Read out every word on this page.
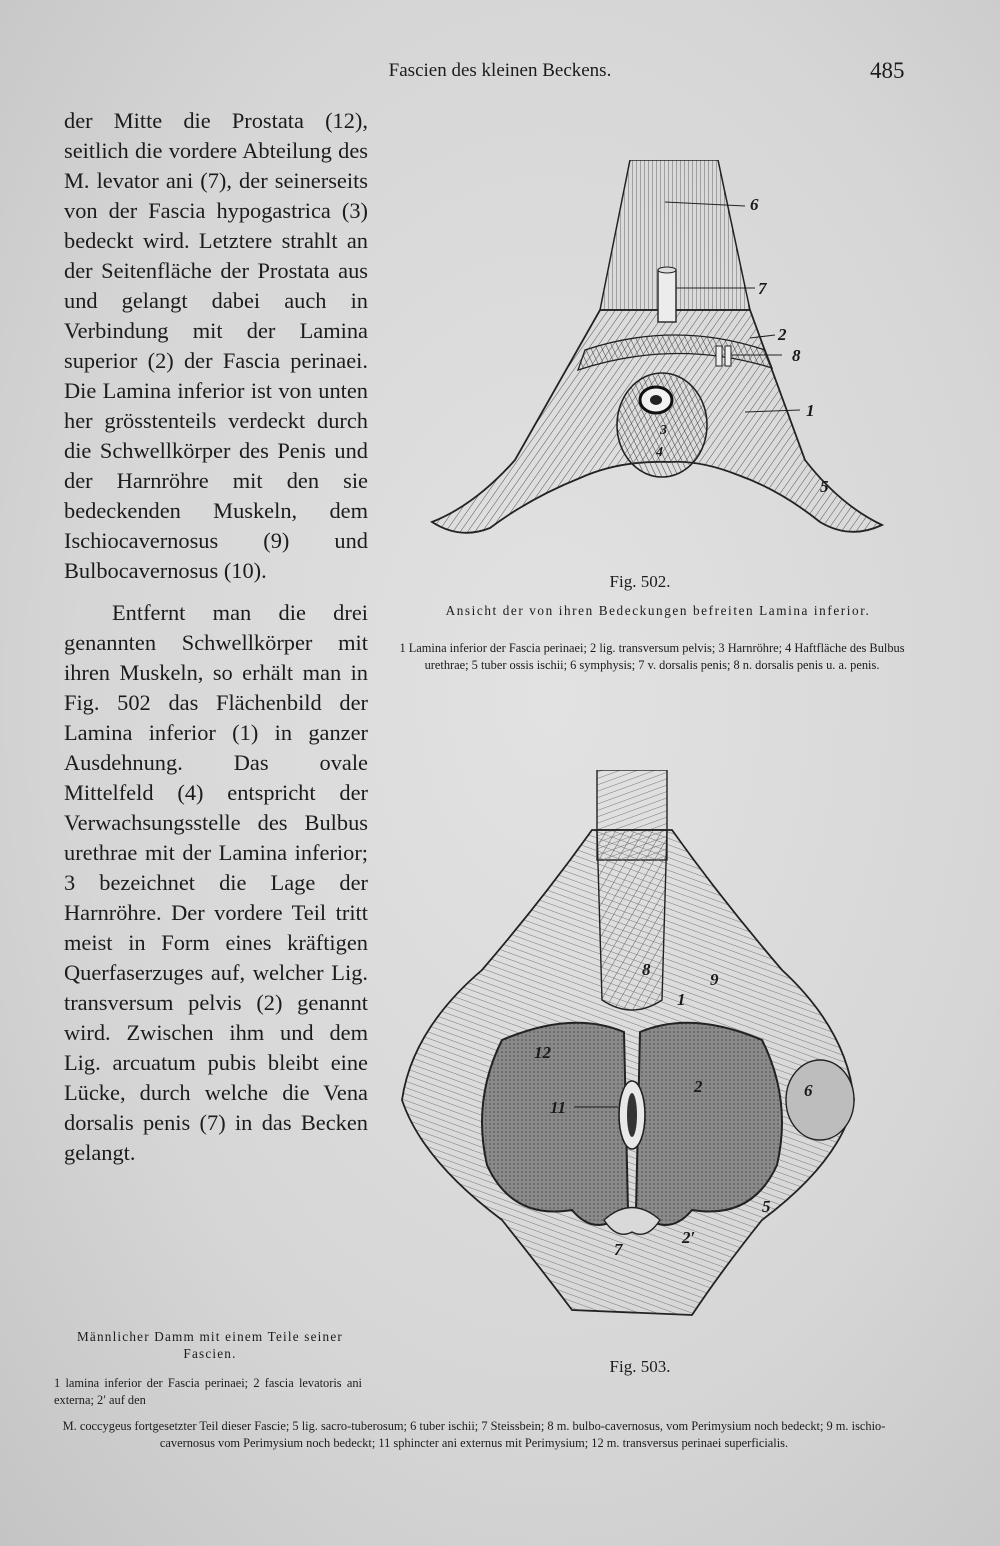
Fascien des kleinen Beckens.	485

der Mitte die Prostata (12), seitlich die vordere Abteilung des M. levator ani (7), der seinerseits von der Fascia hypogastrica (3) bedeckt wird. Letztere strahlt an der Seitenfläche der Prostata aus und gelangt dabei auch in Verbindung mit der Lamina superior (2) der Fascia perinaei. Die Lamina inferior ist von unten her grösstenteils verdeckt durch die Schwellkörper des Penis und der Harnröhre mit den sie bedeckenden Muskeln, dem Ischiocavernosus (9) und Bulbocavernosus (10).

Entfernt man die drei genannten Schwellkörper mit ihren Muskeln, so erhält man in Fig. 502 das Flächenbild der Lamina inferior (1) in ganzer Ausdehnung. Das ovale Mittelfeld (4) entspricht der Verwachsungsstelle des Bulbus urethrae mit der Lamina inferior; 3 bezeichnet die Lage der Harnröhre. Der vordere Teil tritt meist in Form eines kräftigen Querfaserzuges auf, welcher Lig. transversum pelvis (2) genannt wird. Zwischen ihm und dem Lig. arcuatum pubis bleibt eine Lücke, durch welche die Vena dorsalis penis (7) in das Becken gelangt.

6
7
2
8
1
5
3
4
Fig. 502.
Ansicht der von ihren Bedeckungen befreiten Lamina inferior.
1 Lamina inferior der Fascia perinaei; 2 lig. transversum pelvis; 3 Harnröhre; 4 Haftfläche des Bulbus urethrae; 5 tuber ossis ischii; 6 symphysis; 7 v. dorsalis penis; 8 n. dorsalis penis u. a. penis.
8
9
1
12
2	6
11
5
2′
7
Männlicher Damm mit einem Teile seiner Fascien.
Fig. 503.
1 lamina inferior der Fascia perinaei; 2 fascia levatoris ani externa; 2′ auf den
M. coccygeus fortgesetzter Teil dieser Fascie; 5 lig. sacro-tuberosum; 6 tuber ischii; 7 Steissbein; 8 m. bulbo-cavernosus, vom Perimysium noch bedeckt; 9 m. ischio-cavernosus vom Perimysium noch bedeckt; 11 sphincter ani externus mit Perimysium; 12 m. transversus perinaei superficialis.
